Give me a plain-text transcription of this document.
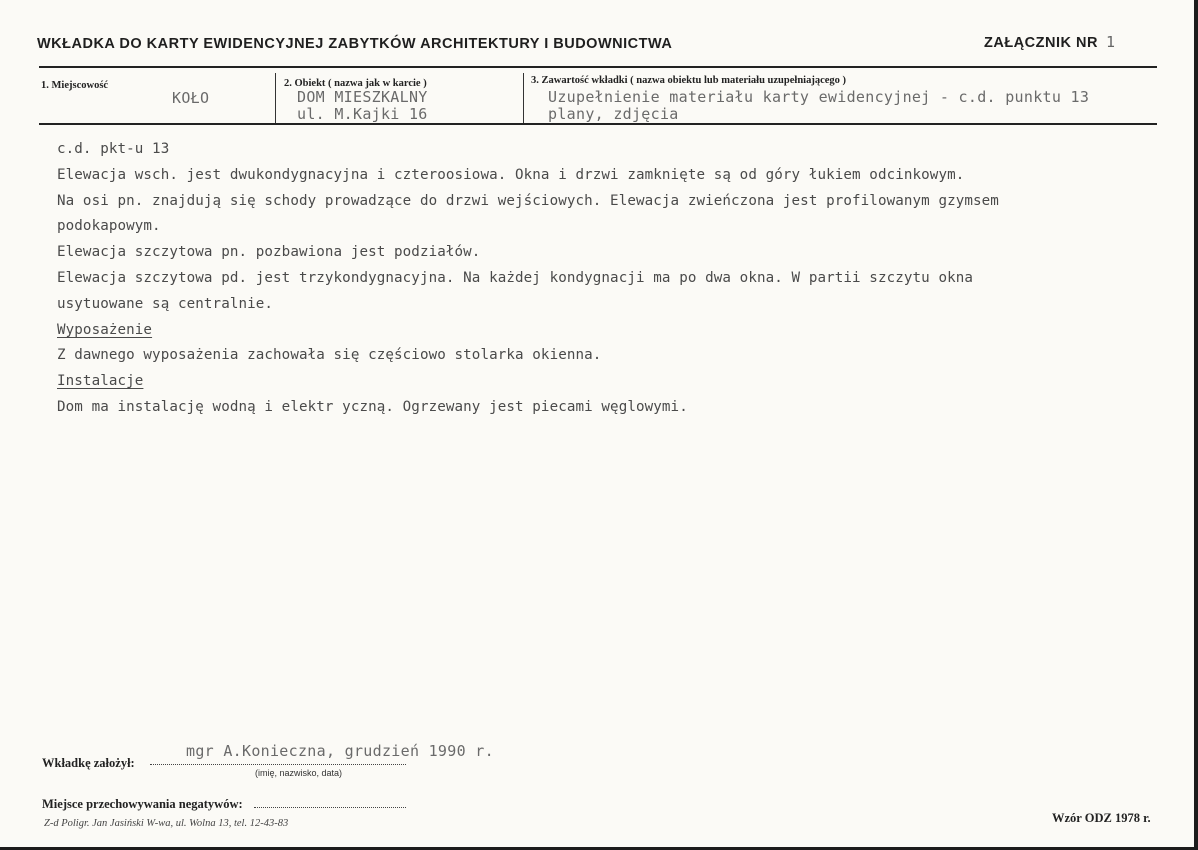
WKŁADKA DO KARTY EWIDENCYJNEJ ZABYTKÓW ARCHITEKTURY I BUDOWNICTWA	ZAŁĄCZNIK NR 1
1. Miejscowość
KOŁO
2. Obiekt ( nazwa jak w karcie )
DOM MIESZKALNY
ul. M.Kajki 16
3. Zawartość wkładki ( nazwa obiektu lub materiału uzupełniającego )
Uzupełnienie materiału karty ewidencyjnej - c.d. punktu 13
plany, zdjęcia
c.d. pkt-u 13
Elewacja wsch. jest dwukondygnacyjna i czteroosiowa. Okna i drzwi zamknięte są od góry łukiem odcinkowym.
Na osi pn. znajdują się schody prowadzące do drzwi wejściowych. Elewacja zwieńczona jest profilowanym gzymsem
podokapowym.
Elewacja szczytowa pn. pozbawiona jest podziałów.
Elewacja szczytowa pd. jest trzykondygnacyjna. Na każdej kondygnacji ma po dwa okna. W partii szczytu okna
usytuowane są centralnie.
Wyposażenie
Z dawnego wyposażenia zachowała się częściowo stolarka okienna.
Instalacje
Dom ma instalację wodną i elektr yczną. Ogrzewany jest piecami węglowymi.
mgr A.Konieczna, grudzień 1990 r.
Wkładkę założył:
(imię, nazwisko, data)
Miejsce przechowywania negatywów:
Z-d Poligr. Jan Jasiński W-wa, ul. Wolna 13, tel. 12-43-83	Wzór ODZ 1978 r.
